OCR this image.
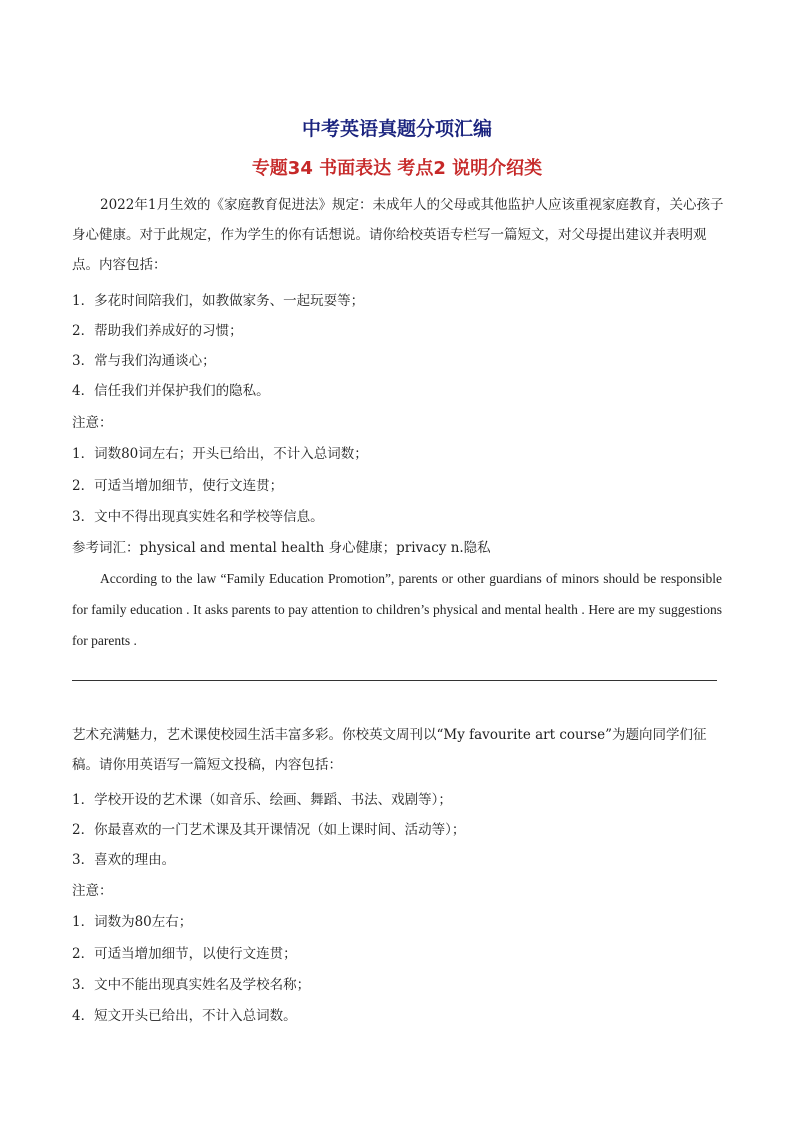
中考英语真题分项汇编
专题34 书面表达 考点2 说明介绍类
2022年1月生效的《家庭教育促进法》规定：未成年人的父母或其他监护人应该重视家庭教育，关心孩子身心健康。对于此规定，作为学生的你有话想说。请你给校英语专栏写一篇短文，对父母提出建议并表明观点。内容包括：
1．多花时间陪我们，如教做家务、一起玩耍等；
2．帮助我们养成好的习惯；
3．常与我们沟通谈心；
4．信任我们并保护我们的隐私。
注意：
1．词数80词左右；开头已给出，不计入总词数；
2．可适当增加细节，使行文连贯；
3．文中不得出现真实姓名和学校等信息。
参考词汇：physical and mental health 身心健康；privacy n.隐私
According to the law “Family Education Promotion”, parents or other guardians of minors should be responsible for family education . It asks parents to pay attention to children’s physical and mental health . Here are my suggestions for parents .
艺术充满魅力，艺术课使校园生活丰富多彩。你校英文周刊以“My favourite art course”为题向同学们征稿。请你用英语写一篇短文投稿，内容包括：
1．学校开设的艺术课（如音乐、绘画、舞蹈、书法、戏剧等）；
2．你最喜欢的一门艺术课及其开课情况（如上课时间、活动等）；
3．喜欢的理由。
注意：
1．词数为80左右；
2．可适当增加细节，以使行文连贯；
3．文中不能出现真实姓名及学校名称；
4．短文开头已给出，不计入总词数。
